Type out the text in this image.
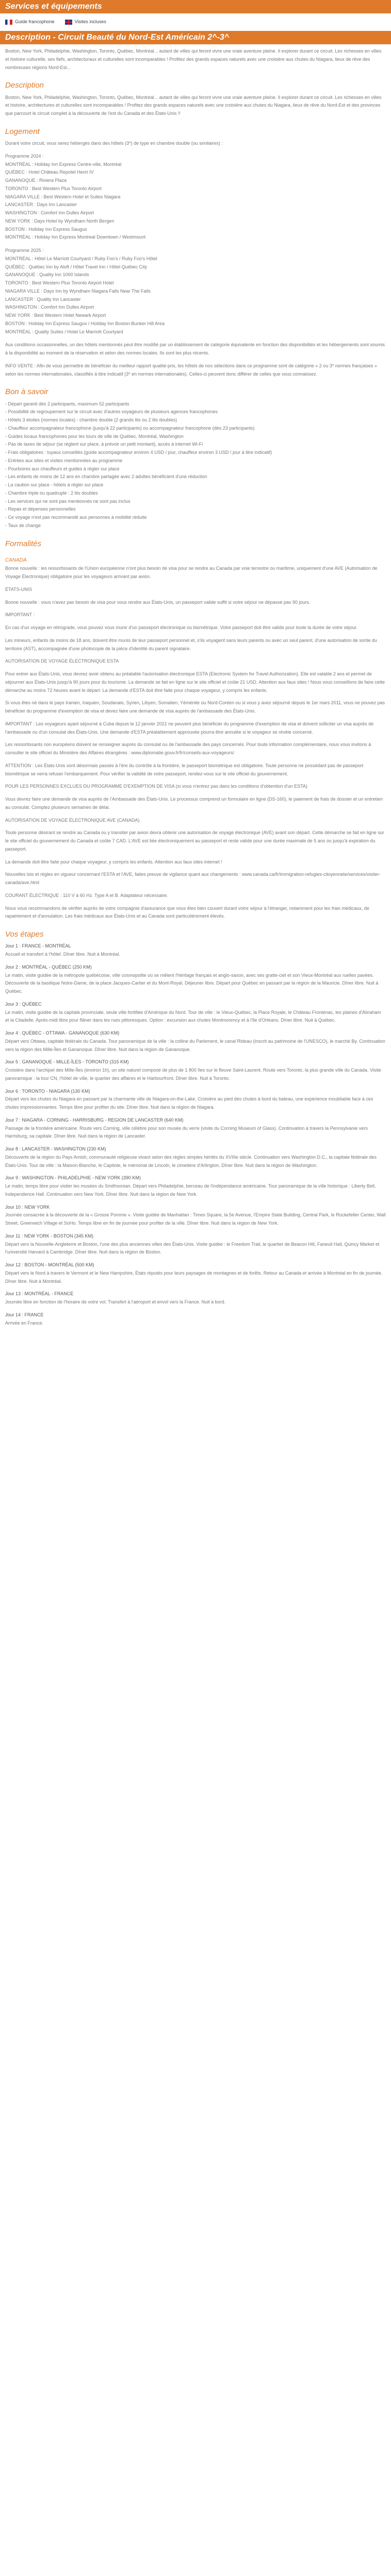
Services et équipements
Guide francophone	Visites incluses
Description - Circuit Beauté du Nord-Est Américain 2^-3^

Boston, New York, Philadelphie, Washington, Toronto, Québec, Montréal... autant de villes qui feront vivre une vraie aventure pleine. Il explorer durant ce circuit. Les richesses en villes et histoire culturelle, ses fiefs, architecturaux et culturelles sont incomparables ! Profitez des grands espaces naturels avec une croisière aux chutes du Niagara, lieux de rêve des nombreuses régions Nord-Est...

Description

Boston, New York, Philadelphie, Washington, Toronto, Québec, Montréal... autant de villes qui feront vivre une vraie aventure pleine. Il explorer durant ce circuit. Les richesses en villes et histoire, architectures et culturelles sont incomparables ! Profitez des grands espaces naturels avec une croisière aux chutes du Niagara, lieux de rêve du Nord-Est et des provinces que parcourt le circuit complet à la découverte de l'est du Canada et des États-Unis !!

Logement

Durant votre circuit, vous serez hébergés dans des hôtels (3*) de type en chambre double (ou similaires) :

Programme 2024 :
MONTRÉAL : Holiday Inn Express Centre-ville, Montréal
QUÉBEC : Hotel Château Repotel Henri IV
GANANOQUE : Riviera Plaza
TORONTO : Best Western Plus Toronto Airport
NIAGARA VILLE : Best Western Hotel et Suites Niagara
LANCASTER : Days Inn Lancaster
WASHINGTON : Comfort Inn Dulles Airport
NEW YORK : Days Hotel by Wyndham North Bergen
BOSTON : Holiday Inn Express Saugus
MONTRÉAL : Holiday Inn Express Montreal Downtown / Westmount
Programme 2025 :
MONTRÉAL : Hôtel Le Marriott Courtyard / Ruby Foo's / Ruby Foo's Hôtel
QUÉBEC : Québec Inn by Aloft / Hôtel Travel Inn / Hôtel Québec City
GANANOQUE : Quality Inn 1000 Islands
TORONTO : Best Western Plus Toronto Airport Hotel
NIAGARA VILLE : Days Inn by Wyndham Niagara Falls Near The Falls
LANCASTER : Quality Inn Lancaster
WASHINGTON : Comfort Inn Dulles Airport
NEW YORK : Best Western Hotel Newark Airport
BOSTON : Holiday Inn Express Saugus / Holiday Inn Boston-Bunker Hill Area
MONTRÉAL : Quality Suites / Hotel Le Marriott Courtyard

Aux conditions occasionnelles, un des hôtels mentionnés peut être modifié par un établissement de catégorie équivalente en fonction des disponibilités et les hébergements sont soumis à la disponibilité au moment de la réservation et selon des normes locales. Ils sont les plus récents.

INFO VENTE : Afin de vous permettre de bénéficier du meilleur rapport qualité-prix, les hôtels de nos sélections dans ce programme sont de catégorie « 2 ou 3* normes françaises » selon les normes internationales, classifiés à titre indicatif (3* en normes internationales). Celles-ci peuvent donc différer de celles que vous connaissez.

Bon à savoir
- Départ garanti dès 2 participants, maximum 52 participants
- Possibilité de regroupement sur le circuit avec d'autres voyageurs de plusieurs agences francophones
- Hôtels 3 étoiles (normes locales) - chambre double (2 grands lits ou 2 lits doubles)
- Chauffeur accompagnateur francophone (jusqu'à 22 participants) ou accompagnateur francophone (dès 23 participants)
- Guides locaux francophones pour les tours de ville de Québec, Montréal, Washington
- Pas de taxes de séjour (se règlent sur place, à prévoir un petit montant), accès à internet Wi-Fi
- Frais obligatoires : tuyaux conseillés (guide accompagnateur environ 4 USD / jour, chauffeur environ 3 USD / jour à titre indicatif)
- Entrées aux sites et visites mentionnées au programme
- Pourboires aux chauffeurs et guides à régler sur place
- Les enfants de moins de 12 ans en chambre partagée avec 2 adultes bénéficient d'une réduction
- La caution sur place - hôtels à régler sur place
- Chambre triple ou quadruple : 2 lits doubles
- Les services qui ne sont pas mentionnés ne sont pas inclus
- Repas et dépenses personnelles
- Ce voyage n'est pas recommandé aux personnes à mobilité réduite
- Taux de change
Formalités
CANADA

Bonne nouvelle : les ressortissants de l'Union européenne n'ont plus besoin de visa pour se rendre au Canada par voie terrestre ou maritime, uniquement d'une AVE (Autorisation de Voyage Électronique) obligatoire pour les voyageurs arrivant par avion.

ÉTATS-UNIS

Bonne nouvelle : vous n'avez pas besoin de visa pour vous rendre aux États-Unis, un passeport valide suffit si votre séjour ne dépasse pas 90 jours.

IMPORTANT :

En cas d'un voyage en rétrograde, vous pouvez vous munir d'un passeport électronique ou biométrique. Votre passeport doit être valide pour toute la durée de votre séjour.

Les mineurs, enfants de moins de 18 ans, doivent être munis de leur passeport personnel et, s'ils voyagent sans leurs parents ou avec un seul parent, d'une autorisation de sortie du territoire (AST), accompagnée d'une photocopie de la pièce d'identité du parent signataire.

AUTORISATION DE VOYAGE ÉLECTRONIQUE ESTA

Pour entrer aux États-Unis, vous devrez avoir obtenu au préalable l'autorisation électronique ESTA (Electronic System for Travel Authorization). Elle est valable 2 ans et permet de séjourner aux États-Unis jusqu'à 90 jours pour du tourisme. La demande se fait en ligne sur le site officiel et coûte 21 USD. Attention aux faux sites ! Nous vous conseillons de faire cette démarche au moins 72 heures avant le départ. La demande d'ESTA doit être faite pour chaque voyageur, y compris les enfants.

Si vous êtes né dans le pays Iranien, Iraquien, Soudanais, Syrien, Libyen, Somalien, Yéménite ou Nord-Coréen ou si vous y avez séjourné depuis le 1er mars 2011, vous ne pouvez pas bénéficier du programme d'exemption de visa et devez faire une demande de visa auprès de l'ambassade des États-Unis.

IMPORTANT : Les voyageurs ayant séjourné à Cuba depuis le 12 janvier 2021 ne peuvent plus bénéficier du programme d'exemption de visa et doivent solliciter un visa auprès de l'ambassade ou d'un consulat des États-Unis. Une demande d'ESTA préalablement approuvée pourra être annulée si le voyageur se révèle concerné.

Les ressortissants non européens doivent se renseigner auprès du consulat ou de l'ambassade des pays concernés. Pour toute information complémentaire, nous vous invitons à consulter le site officiel du Ministère des Affaires étrangères : www.diplomatie.gouv.fr/fr/conseils-aux-voyageurs/

ATTENTION : Les États-Unis sont désormais passés à l'ère du contrôle à la frontière, le passeport biométrique est obligatoire. Toute personne ne possédant pas de passeport biométrique se verra refuser l'embarquement. Pour vérifier la validité de votre passeport, rendez-vous sur le site officiel du gouvernement.

POUR LES PERSONNES EXCLUES DU PROGRAMME D'EXEMPTION DE VISA (si vous n'entrez pas dans les conditions d'obtention d'un ESTA)

Vous devrez faire une demande de visa auprès de l'Ambassade des États-Unis. Le processus comprend un formulaire en ligne (DS-160), le paiement de frais de dossier et un entretien au consulat. Comptez plusieurs semaines de délai.

AUTORISATION DE VOYAGE ÉLECTRONIQUE AVE (CANADA)

Toute personne désirant se rendre au Canada ou y transiter par avion devra obtenir une autorisation de voyage électronique (AVE) avant son départ. Cette démarche se fait en ligne sur le site officiel du gouvernement du Canada et coûte 7 CAD. L'AVE est liée électroniquement au passeport et reste valide pour une durée maximale de 5 ans ou jusqu'à expiration du passeport.

La demande doit être faite pour chaque voyageur, y compris les enfants. Attention aux faux sites internet !

Nouvelles lois et règles en vigueur concernant l'ESTA et l'AVE, faites preuve de vigilance quant aux changements : www.canada.ca/fr/immigration-refugies-citoyennete/services/visiter-canada/ave.html

COURANT ÉLECTRIQUE : 110 V à 60 Hz. Type A et B. Adaptateur nécessaire.

Nous vous recommandons de vérifier auprès de votre compagnie d'assurance que vous êtes bien couvert durant votre séjour à l'étranger, notamment pour les frais médicaux, de rapatriement et d'annulation. Les frais médicaux aux États-Unis et au Canada sont particulièrement élevés.

Vos étapes
Jour 1 : FRANCE - MONTRÉAL
Accueil et transfert à l'hôtel. Dîner libre. Nuit à Montréal.
Jour 2 : MONTRÉAL - QUÉBEC (250 KM)
Le matin, visite guidée de la métropole québécoise, ville cosmopolite où se mêlent l'héritage français et anglo-saxon, avec ses gratte-ciel et son Vieux-Montréal aux ruelles pavées. Découverte de la basilique Notre-Dame, de la place Jacques-Cartier et du Mont-Royal. Déjeuner libre. Départ pour Québec en passant par la région de la Mauricie. Dîner libre. Nuit à Québec.
Jour 3 : QUÉBEC
Le matin, visite guidée de la capitale provinciale, seule ville fortifiée d'Amérique du Nord. Tour de ville : le Vieux-Québec, la Place Royale, le Château Frontenac, les plaines d'Abraham et la Citadelle. Après-midi libre pour flâner dans les rues pittoresques. Option : excursion aux chutes Montmorency et à l'île d'Orléans. Dîner libre. Nuit à Québec.
Jour 4 : QUÉBEC - OTTAWA - GANANOQUE (630 KM)
Départ vers Ottawa, capitale fédérale du Canada. Tour panoramique de la ville : la colline du Parlement, le canal Rideau (inscrit au patrimoine de l'UNESCO), le marché By. Continuation vers la région des Mille-Îles et Gananoque. Dîner libre. Nuit dans la région de Gananoque.
Jour 5 : GANANOQUE - MILLE-ÎLES - TORONTO (315 KM)
Croisière dans l'archipel des Mille-Îles (environ 1h), un site naturel composé de plus de 1 800 îles sur le fleuve Saint-Laurent. Route vers Toronto, la plus grande ville du Canada. Visite panoramique : la tour CN, l'hôtel de ville, le quartier des affaires et le Harbourfront. Dîner libre. Nuit à Toronto.
Jour 6 : TORONTO - NIAGARA (130 KM)
Départ vers les chutes du Niagara en passant par la charmante ville de Niagara-on-the-Lake. Croisière au pied des chutes à bord du bateau, une expérience inoubliable face à ces chutes impressionnantes. Temps libre pour profiter du site. Dîner libre. Nuit dans la région de Niagara.
Jour 7 : NIAGARA - CORNING - HARRISBURG - REGION DE LANCASTER (640 KM)
Passage de la frontière américaine. Route vers Corning, ville célèbre pour son musée du verre (visite du Corning Museum of Glass). Continuation à travers la Pennsylvanie vers Harrisburg, sa capitale. Dîner libre. Nuit dans la région de Lancaster.
Jour 8 : LANCASTER - WASHINGTON (230 KM)
Découverte de la région du Pays Amish, communauté religieuse vivant selon des règles simples hérités du XVIIIe siècle. Continuation vers Washington D.C., la capitale fédérale des États-Unis. Tour de ville : la Maison-Blanche, le Capitole, le mémorial de Lincoln, le cimetière d'Arlington. Dîner libre. Nuit dans la région de Washington.
Jour 9 : WASHINGTON - PHILADELPHIE - NEW YORK (390 KM)
Le matin, temps libre pour visiter les musées du Smithsonian. Départ vers Philadelphie, berceau de l'indépendance américaine. Tour panoramique de la ville historique : Liberty Bell, Independence Hall. Continuation vers New York. Dîner libre. Nuit dans la région de New York.
Jour 10 : NEW YORK
Journée consacrée à la découverte de la « Grosse Pomme ». Visite guidée de Manhattan : Times Square, la 5e Avenue, l'Empire State Building, Central Park, le Rockefeller Center, Wall Street, Greenwich Village et SoHo. Temps libre en fin de journée pour profiter de la ville. Dîner libre. Nuit dans la région de New York.
Jour 11 : NEW YORK - BOSTON (345 KM)
Départ vers la Nouvelle-Angleterre et Boston, l'une des plus anciennes villes des États-Unis. Visite guidée : le Freedom Trail, le quartier de Beacon Hill, Faneuil Hall, Quincy Market et l'université Harvard à Cambridge. Dîner libre. Nuit dans la région de Boston.
Jour 12 : BOSTON - MONTRÉAL (500 KM)
Départ vers le Nord à travers le Vermont et le New Hampshire, États réputés pour leurs paysages de montagnes et de forêts. Retour au Canada et arrivée à Montréal en fin de journée. Dîner libre. Nuit à Montréal.
Jour 13 : MONTRÉAL - FRANCE
Journée libre en fonction de l'horaire de votre vol. Transfert à l'aéroport et envol vers la France. Nuit à bord.
Jour 14 : FRANCE
Arrivée en France.
